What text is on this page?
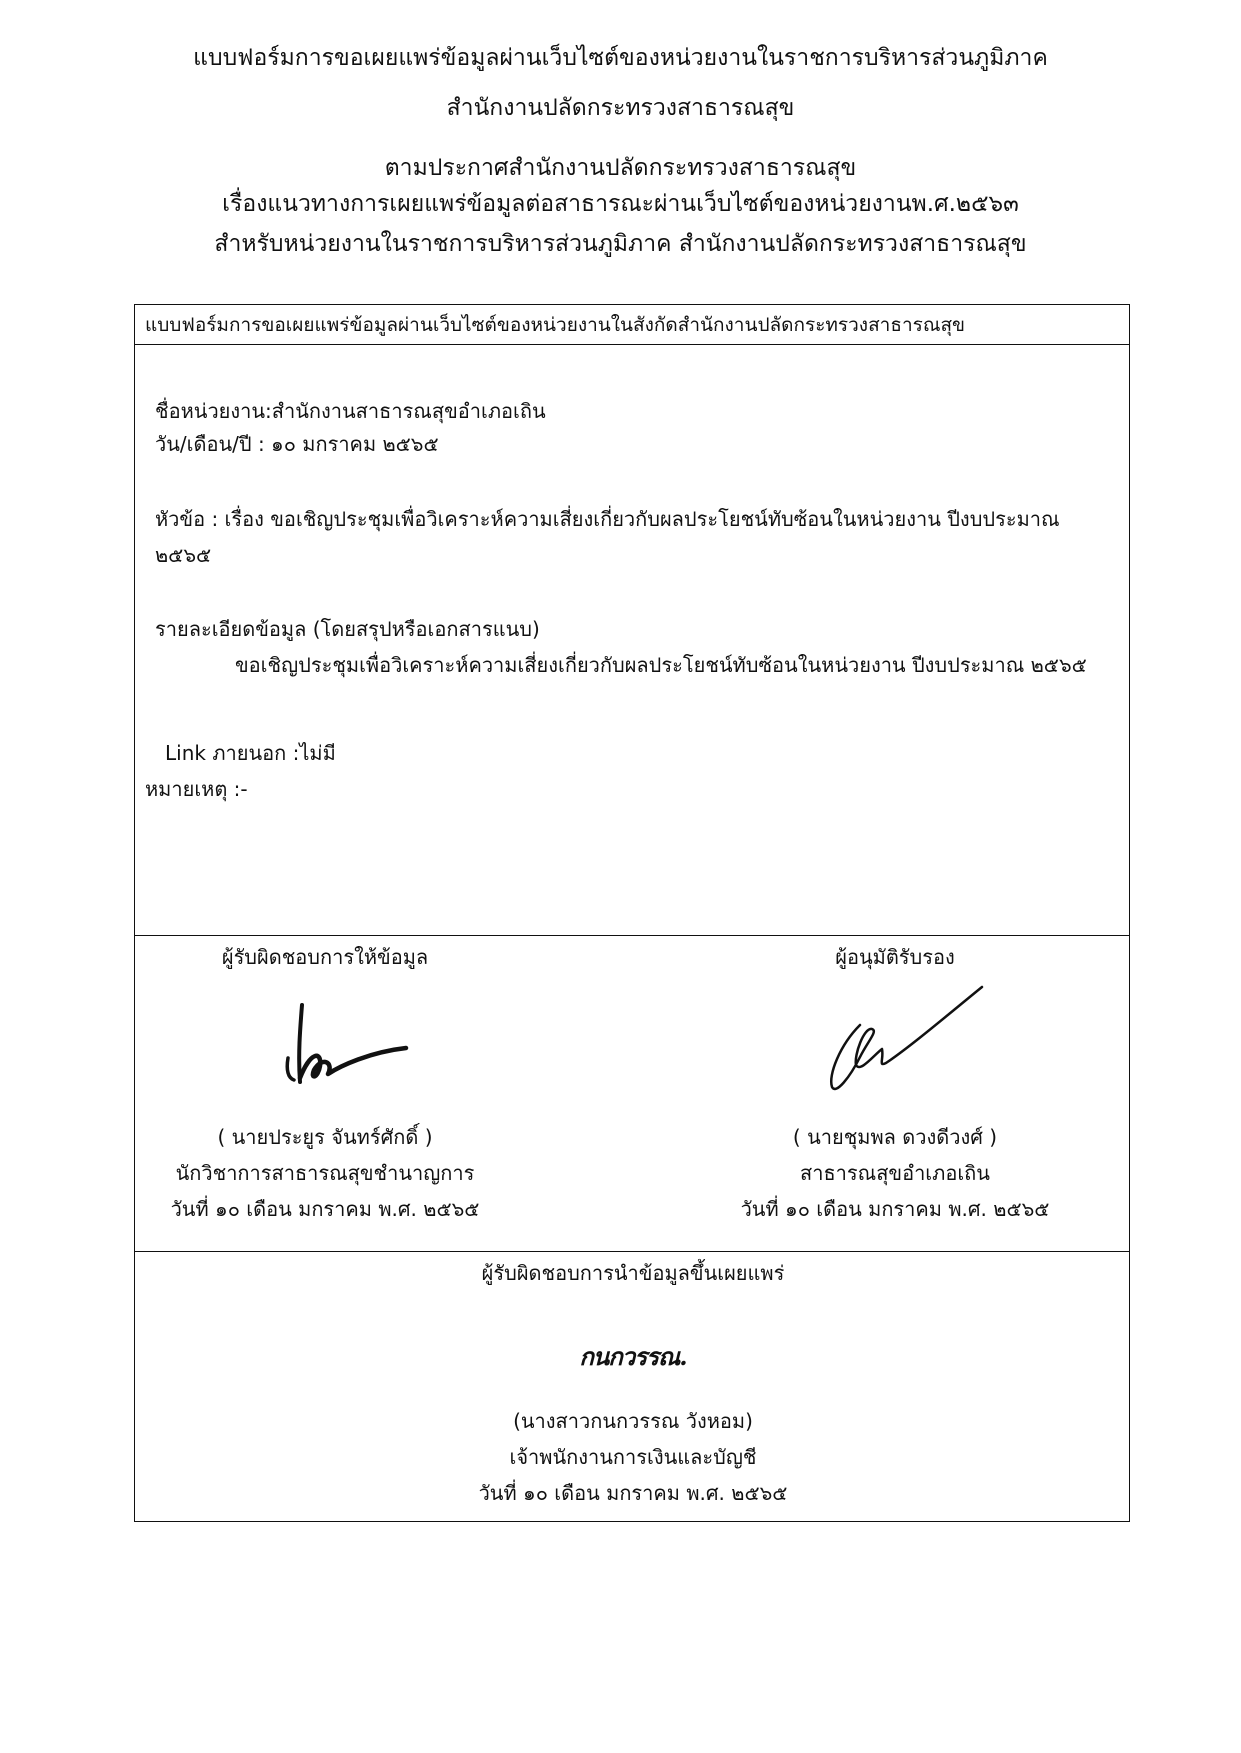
แบบฟอร์มการขอเผยแพร่ข้อมูลผ่านเว็บไซต์ของหน่วยงานในราชการบริหารส่วนภูมิภาค
สำนักงานปลัดกระทรวงสาธารณสุข
ตามประกาศสำนักงานปลัดกระทรวงสาธารณสุข
เรื่องแนวทางการเผยแพร่ข้อมูลต่อสาธารณะผ่านเว็บไซต์ของหน่วยงานพ.ศ.๒๕๖๓
สำหรับหน่วยงานในราชการบริหารส่วนภูมิภาค สำนักงานปลัดกระทรวงสาธารณสุข
แบบฟอร์มการขอเผยแพร่ข้อมูลผ่านเว็บไซต์ของหน่วยงานในสังกัดสำนักงานปลัดกระทรวงสาธารณสุข
ชื่อหน่วยงาน:สำนักงานสาธารณสุขอำเภอเถิน
วัน/เดือน/ปี : ๑๐ มกราคม ๒๕๖๕
หัวข้อ : เรื่อง ขอเชิญประชุมเพื่อวิเคราะห์ความเสี่ยงเกี่ยวกับผลประโยชน์ทับซ้อนในหน่วยงาน ปีงบประมาณ
๒๕๖๕
รายละเอียดข้อมูล (โดยสรุปหรือเอกสารแนบ)
ขอเชิญประชุมเพื่อวิเคราะห์ความเสี่ยงเกี่ยวกับผลประโยชน์ทับซ้อนในหน่วยงาน ปีงบประมาณ ๒๕๖๕
Link ภายนอก :ไม่มี
หมายเหตุ :-
ผู้รับผิดชอบการให้ข้อมูล	ผู้อนุมัติรับรอง
( นายประยูร จันทร์ศักดิ์ )
นักวิชาการสาธารณสุขชำนาญการ
วันที่ ๑๐ เดือน มกราคม พ.ศ. ๒๕๖๕
( นายชุมพล ดวงดีวงศ์ )
สาธารณสุขอำเภอเถิน
วันที่ ๑๐ เดือน มกราคม พ.ศ. ๒๕๖๕
ผู้รับผิดชอบการนำข้อมูลขึ้นเผยแพร่
กนกวรรณ.
(นางสาวกนกวรรณ วังหอม)
เจ้าพนักงานการเงินและบัญชี
วันที่ ๑๐ เดือน มกราคม พ.ศ. ๒๕๖๕
